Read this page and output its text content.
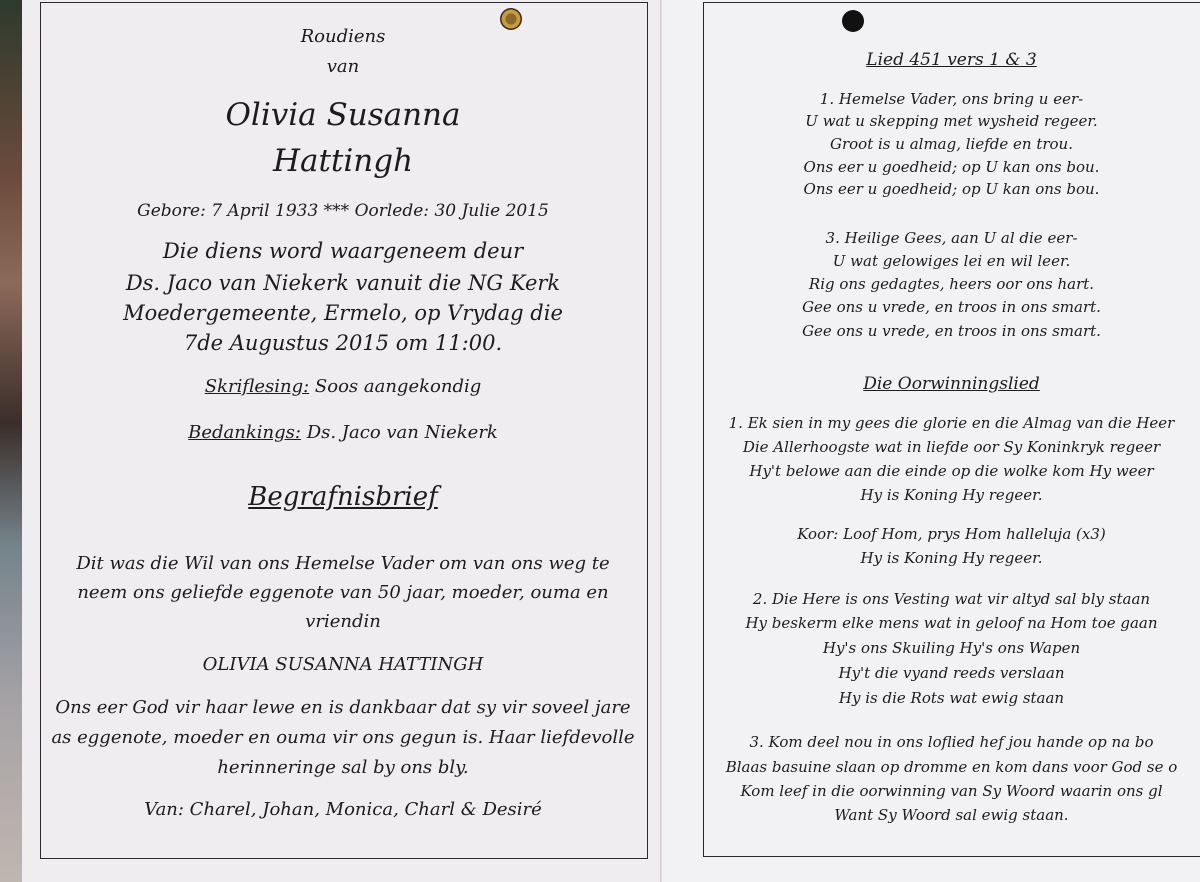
Roudiens
van
Olivia Susanna
Hattingh
Gebore: 7 April 1933 *** Oorlede: 30 Julie 2015
Die diens word waargeneem deur
Ds. Jaco van Niekerk vanuit die NG Kerk
Moedergemeente, Ermelo, op Vrydag die
7de Augustus 2015 om 11:00.
Skriflesing: Soos aangekondig
Bedankings: Ds. Jaco van Niekerk
Begrafnisbrief
Dit was die Wil van ons Hemelse Vader om van ons weg te
neem ons geliefde eggenote van 50 jaar, moeder, ouma en
vriendin
OLIVIA SUSANNA HATTINGH
Ons eer God vir haar lewe en is dankbaar dat sy vir soveel jare
as eggenote, moeder en ouma vir ons gegun is. Haar liefdevolle
herinneringe sal by ons bly.
Van: Charel, Johan, Monica, Charl & Desiré
Lied 451 vers 1 & 3
1. Hemelse Vader, ons bring u eer-
U wat u skepping met wysheid regeer.
Groot is u almag, liefde en trou.
Ons eer u goedheid; op U kan ons bou.
Ons eer u goedheid; op U kan ons bou.
3. Heilige Gees, aan U al die eer-
U wat gelowiges lei en wil leer.
Rig ons gedagtes, heers oor ons hart.
Gee ons u vrede, en troos in ons smart.
Gee ons u vrede, en troos in ons smart.
Die Oorwinningslied
1. Ek sien in my gees die glorie en die Almag van die Heer
Die Allerhoogste wat in liefde oor Sy Koninkryk regeer
Hy't belowe aan die einde op die wolke kom Hy weer
Hy is Koning Hy regeer.
Koor: Loof Hom, prys Hom halleluja (x3)
Hy is Koning Hy regeer.
2. Die Here is ons Vesting wat vir altyd sal bly staan
Hy beskerm elke mens wat in geloof na Hom toe gaan
Hy's ons Skuiling Hy's ons Wapen
Hy't die vyand reeds verslaan
Hy is die Rots wat ewig staan
3. Kom deel nou in ons loflied hef jou hande op na bo
Blaas basuine slaan op dromme en kom dans voor God se o
Kom leef in die oorwinning van Sy Woord waarin ons gl
Want Sy Woord sal ewig staan.
